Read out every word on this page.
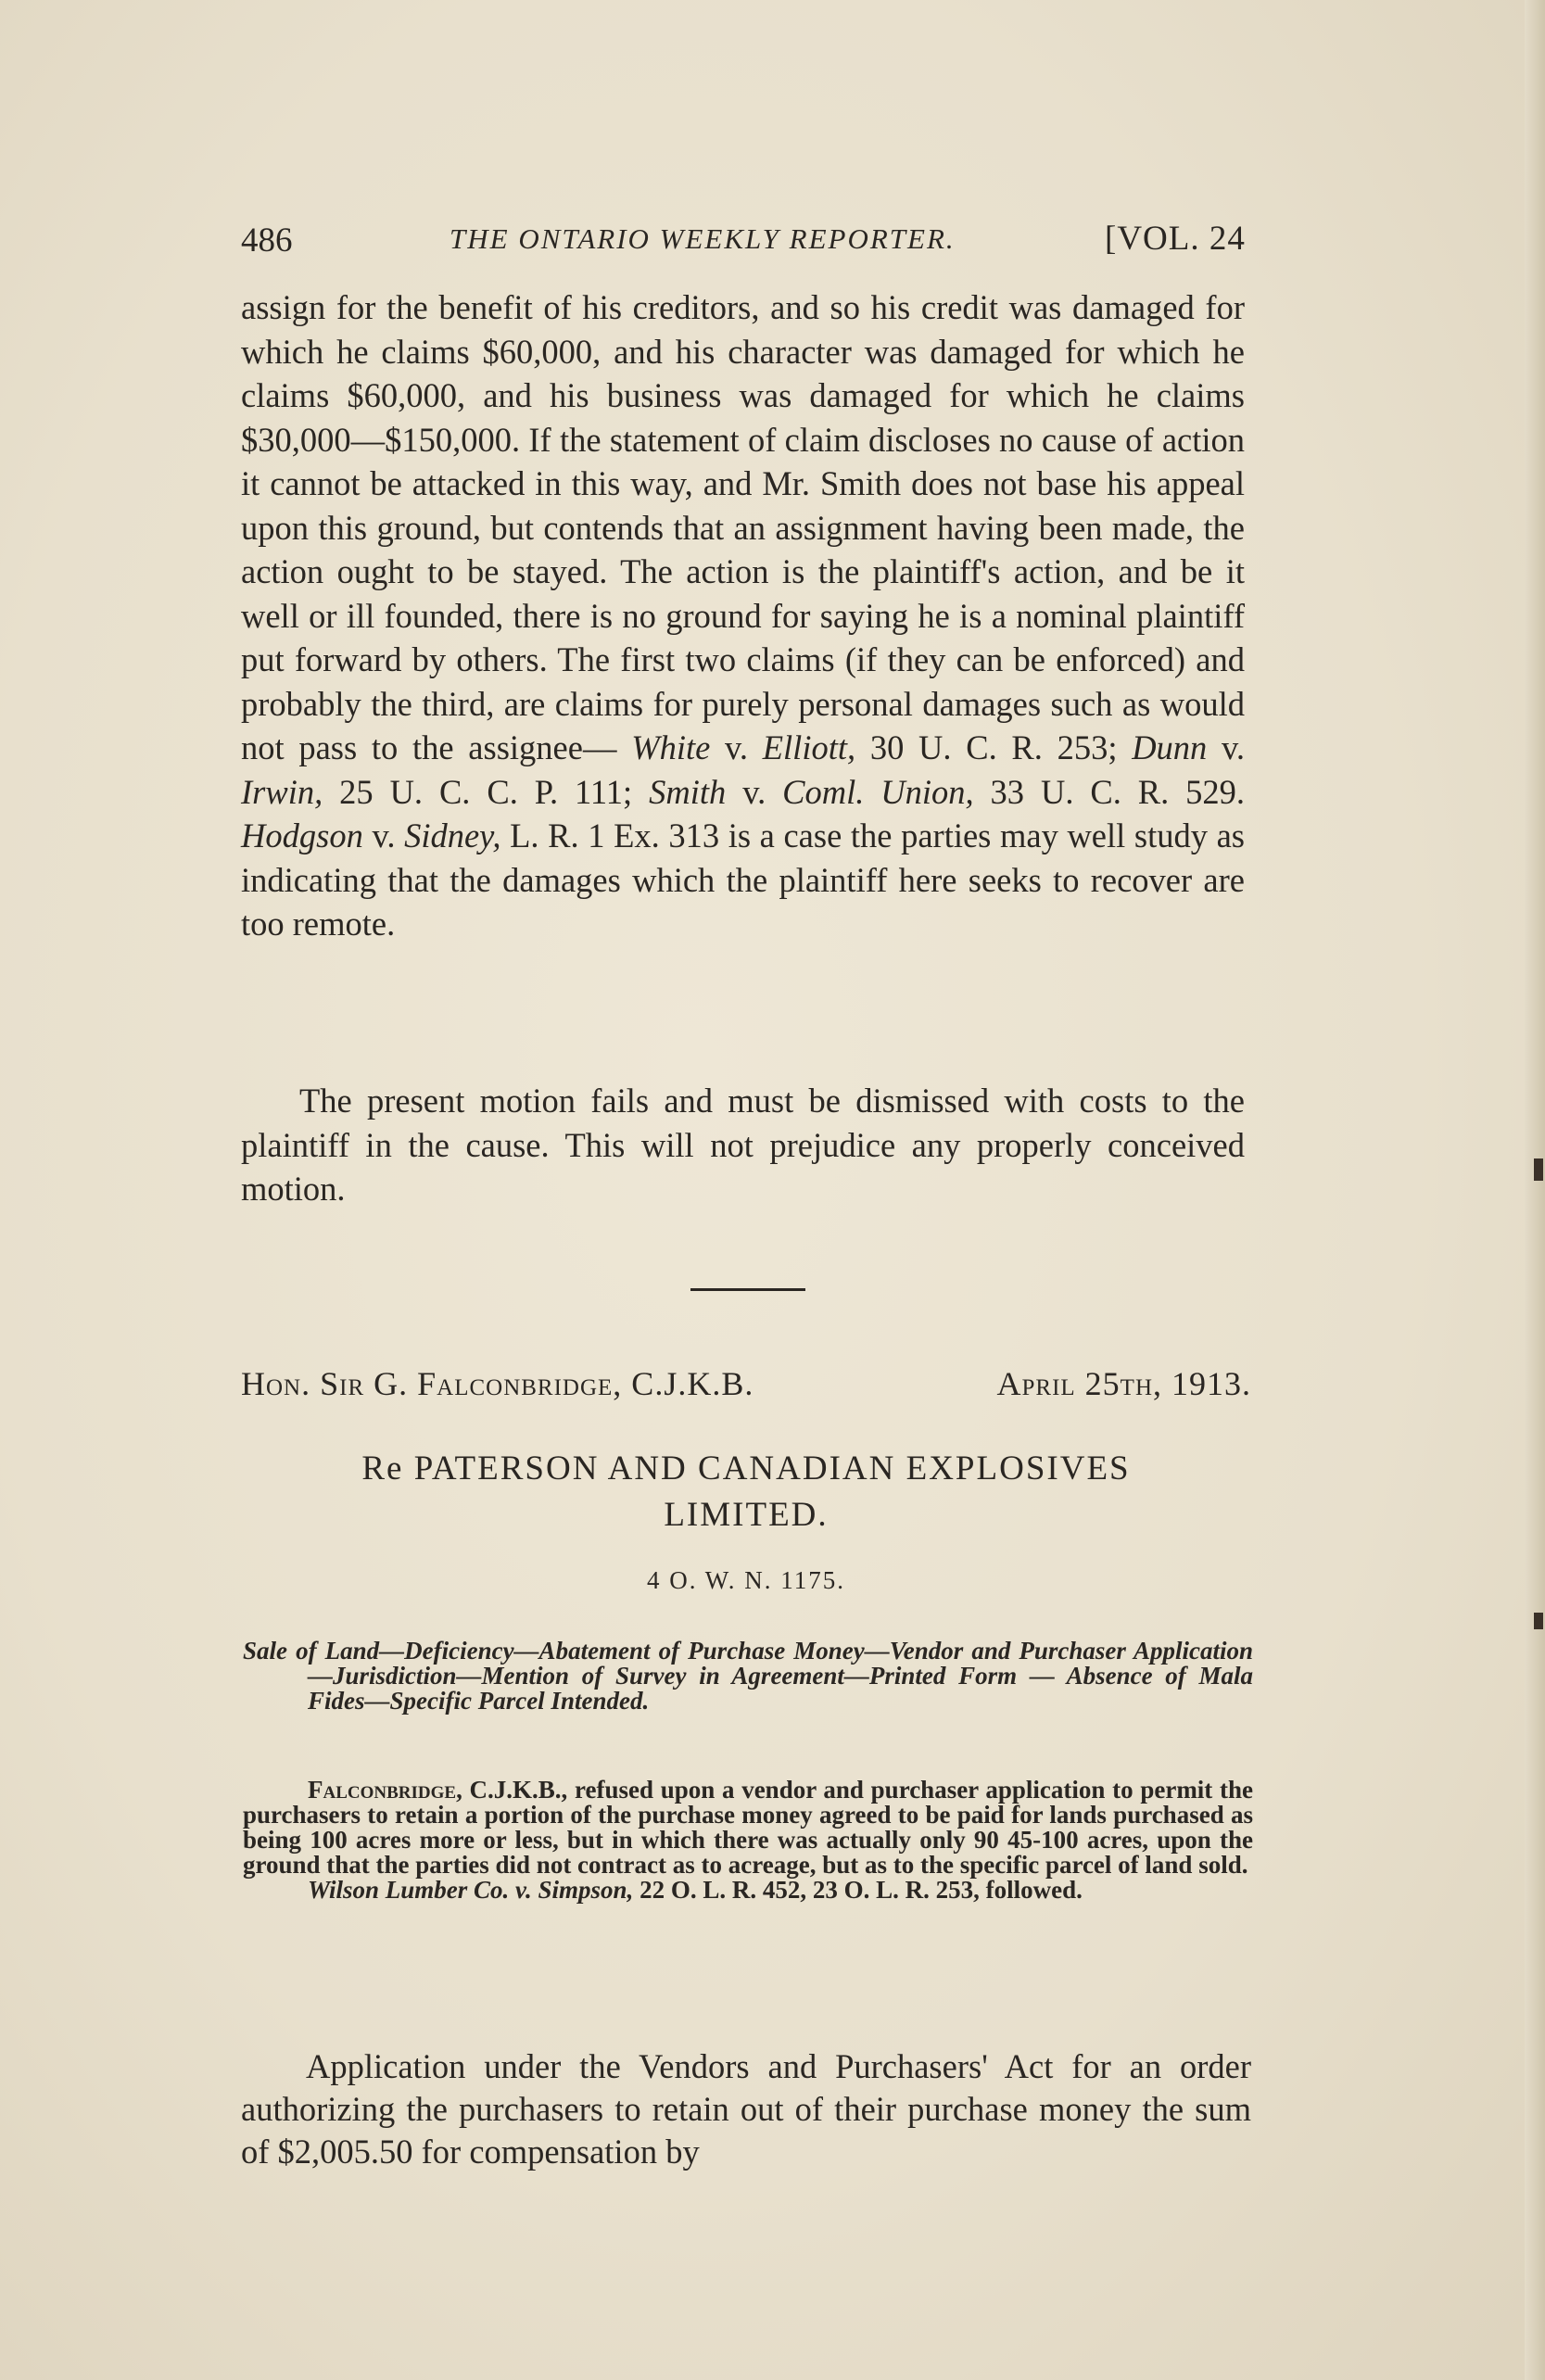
486	THE ONTARIO WEEKLY REPORTER.	[VOL. 24

assign for the benefit of his creditors, and so his credit was damaged for which he claims $60,000, and his character was damaged for which he claims $60,000, and his business was damaged for which he claims $30,000—$150,000. If the statement of claim discloses no cause of action it cannot be attacked in this way, and Mr. Smith does not base his appeal upon this ground, but contends that an assignment having been made, the action ought to be stayed. The action is the plaintiff's action, and be it well or ill founded, there is no ground for saying he is a nominal plaintiff put forward by others. The first two claims (if they can be enforced) and probably the third, are claims for purely personal damages such as would not pass to the assignee— White v. Elliott, 30 U. C. R. 253; Dunn v. Irwin, 25 U. C. C. P. 111; Smith v. Coml. Union, 33 U. C. R. 529. Hodgson v. Sidney, L. R. 1 Ex. 313 is a case the parties may well study as indicating that the damages which the plaintiff here seeks to recover are too remote.

The present motion fails and must be dismissed with costs to the plaintiff in the cause. This will not prejudice any properly conceived motion.

Hon. Sir G. Falconbridge, C.J.K.B.	April 25th, 1913.
Re PATERSON AND CANADIAN EXPLOSIVES
LIMITED.
4 O. W. N. 1175.

Sale of Land—Deficiency—Abatement of Purchase Money—Vendor and Purchaser Application—Jurisdiction—Mention of Survey in Agreement—Printed Form — Absence of Mala Fides—Specific Parcel Intended.

Falconbridge, C.J.K.B., refused upon a vendor and purchaser application to permit the purchasers to retain a portion of the purchase money agreed to be paid for lands purchased as being 100 acres more or less, but in which there was actually only 90 45-100 acres, upon the ground that the parties did not contract as to acreage, but as to the specific parcel of land sold.

Wilson Lumber Co. v. Simpson, 22 O. L. R. 452, 23 O. L. R. 253, followed.

Application under the Vendors and Purchasers' Act for an order authorizing the purchasers to retain out of their purchase money the sum of $2,005.50 for compensation by
